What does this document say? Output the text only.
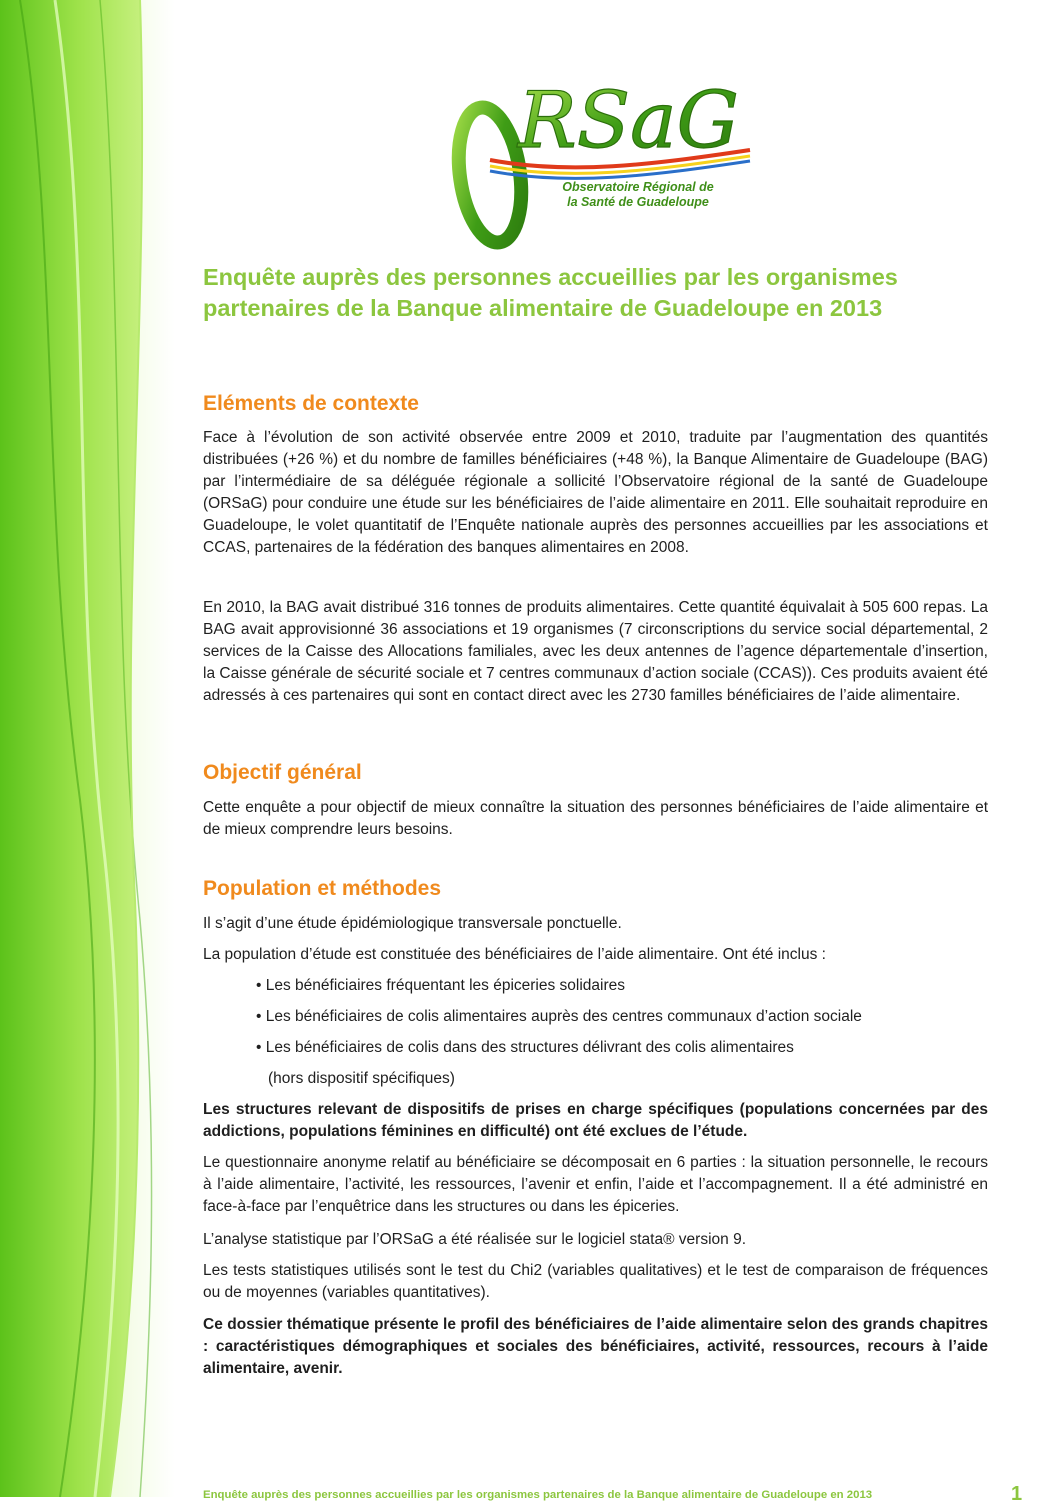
RSaG
Observatoire Régional de
la Santé de Guadeloupe
Enquête auprès des personnes accueillies par les organismes
partenaires de la Banque alimentaire de Guadeloupe en 2013
Eléments de contexte

Face à l’évolution de son activité observée entre 2009 et 2010, traduite par l’augmentation des quantités distribuées (+26 %) et du nombre de familles bénéficiaires (+48 %), la Banque Alimentaire de Guadeloupe (BAG) par l’intermédiaire de sa déléguée régionale a sollicité l’Observatoire régional de la santé de Guadeloupe (ORSaG) pour conduire une étude sur les bénéficiaires de l’aide alimentaire en 2011. Elle souhaitait reproduire en Guadeloupe, le volet quantitatif de l’Enquête nationale auprès des personnes accueillies par les associations et CCAS, partenaires de la fédération des banques alimentaires en 2008.

En 2010, la BAG avait distribué 316 tonnes de produits alimentaires. Cette quantité équivalait à 505 600 repas. La BAG avait approvisionné 36 associations et 19 organismes (7 circonscriptions du service social départemental, 2 services de la Caisse des Allocations familiales, avec les deux antennes de l’agence départementale d’insertion, la Caisse générale de sécurité sociale et 7 centres communaux d’action sociale (CCAS)). Ces produits avaient été adressés à ces partenaires qui sont en contact direct avec les 2730 familles bénéficiaires de l’aide alimentaire.

Objectif général

Cette enquête a pour objectif de mieux connaître la situation des personnes bénéficiaires de l’aide alimentaire et de mieux comprendre leurs besoins.

Population et méthodes

Il s’agit d’une étude épidémiologique transversale ponctuelle.

La population d’étude est constituée des bénéficiaires de l’aide alimentaire. Ont été inclus :

• Les bénéficiaires fréquentant les épiceries solidaires

• Les bénéficiaires de colis alimentaires auprès des centres communaux d’action sociale

• Les bénéficiaires de colis dans des structures délivrant des colis alimentaires

(hors dispositif spécifiques)

Les structures relevant de dispositifs de prises en charge spécifiques (populations concernées par des addictions, populations féminines en difficulté) ont été exclues de l’étude.

Le questionnaire anonyme relatif au bénéficiaire se décomposait en 6 parties : la situation personnelle, le recours à l’aide alimentaire, l’activité, les ressources, l’avenir et enfin, l’aide et l’accompagnement. Il a été administré en face-à-face par l’enquêtrice dans les structures ou dans les épiceries.

L’analyse statistique par l’ORSaG a été réalisée sur le logiciel stata® version 9.

Les tests statistiques utilisés sont le test du Chi2 (variables qualitatives) et le test de comparaison de fréquences ou de moyennes (variables quantitatives).

Ce dossier thématique présente le profil des bénéficiaires de l’aide alimentaire selon des grands chapitres : caractéristiques démographiques et sociales des bénéficiaires, activité, ressources, recours à l’aide alimentaire, avenir.

Enquête auprès des personnes accueillies par les organismes partenaires de la Banque alimentaire de Guadeloupe en 2013	1
